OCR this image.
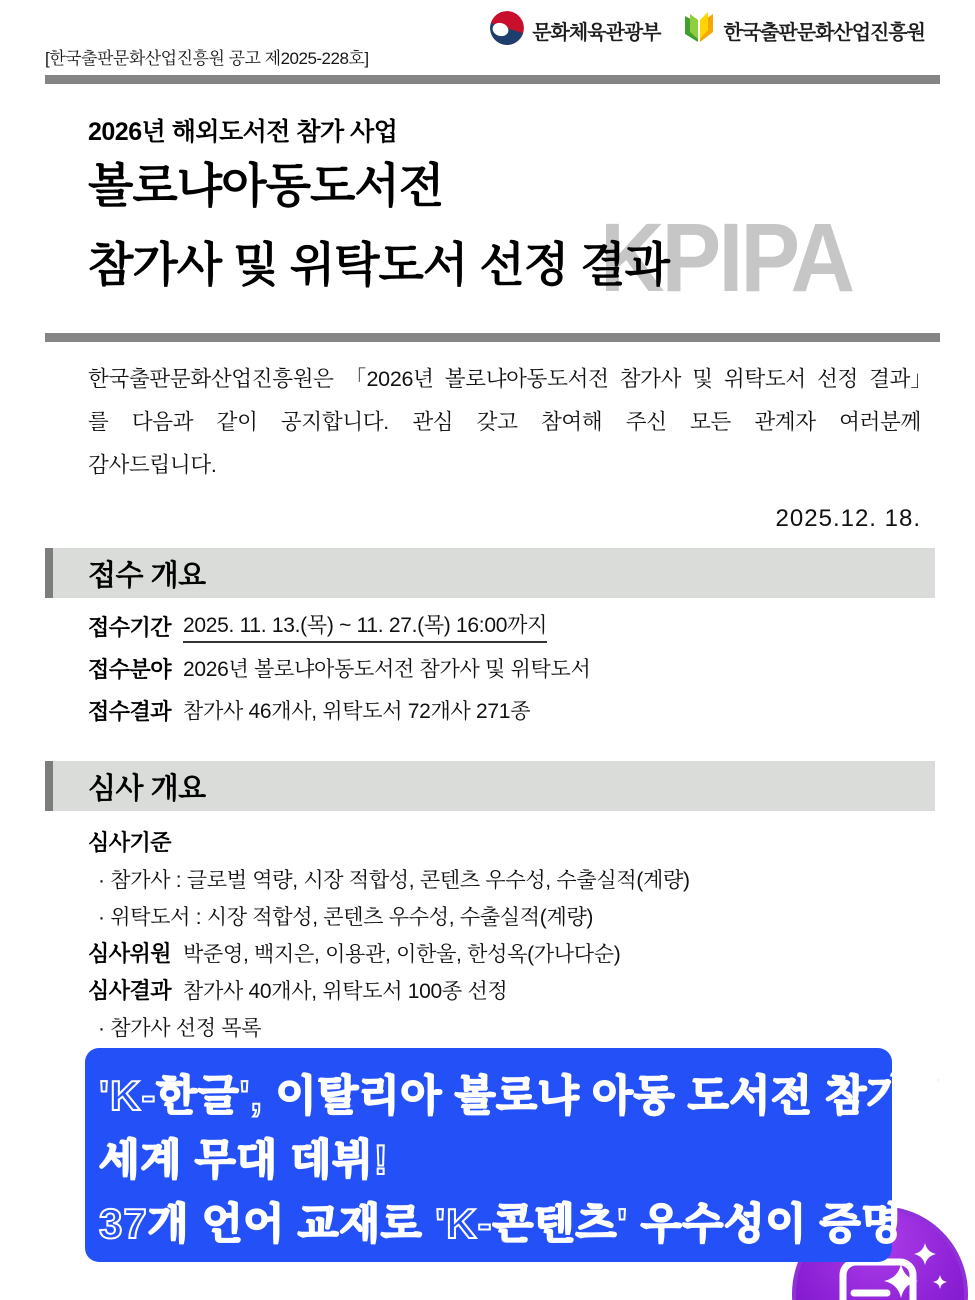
[한국출판문화산업진흥원 공고 제2025-228호]
문화체육관광부	한국출판문화산업진흥원
KPIPA
2026년 해외도서전 참가 사업
볼로냐아동도서전
참가사 및 위탁도서 선정 결과
한국출판문화산업진흥원은 「2026년 볼로냐아동도서전 참가사 및 위탁도서 선정 결과」를 다음과 같이 공지합니다. 관심 갖고 참여해 주신 모든 관계자 여러분께 감사드립니다.
2025.12. 18.
접수 개요
접수기간 2025. 11. 13.(목) ~ 11. 27.(목) 16:00까지
접수분야 2026년 볼로냐아동도서전 참가사 및 위탁도서
접수결과 참가사 46개사, 위탁도서 72개사 271종
심사 개요
심사기준
· 참가사 : 글로벌 역량, 시장 적합성, 콘텐츠 우수성, 수출실적(계량)
· 위탁도서 : 시장 적합성, 콘텐츠 우수성, 수출실적(계량)
심사위원 박준영, 백지은, 이용관, 이한울, 한성옥(가나다순)
심사결과 참가사 40개사, 위탁도서 100종 선정
· 참가사 선정 목록
'K-한글', 이탈리아 볼로냐 아동 도서전 참가로
세계 무대 데뷔!
37개 언어 교재로 'K-콘텐츠' 우수성이 증명
